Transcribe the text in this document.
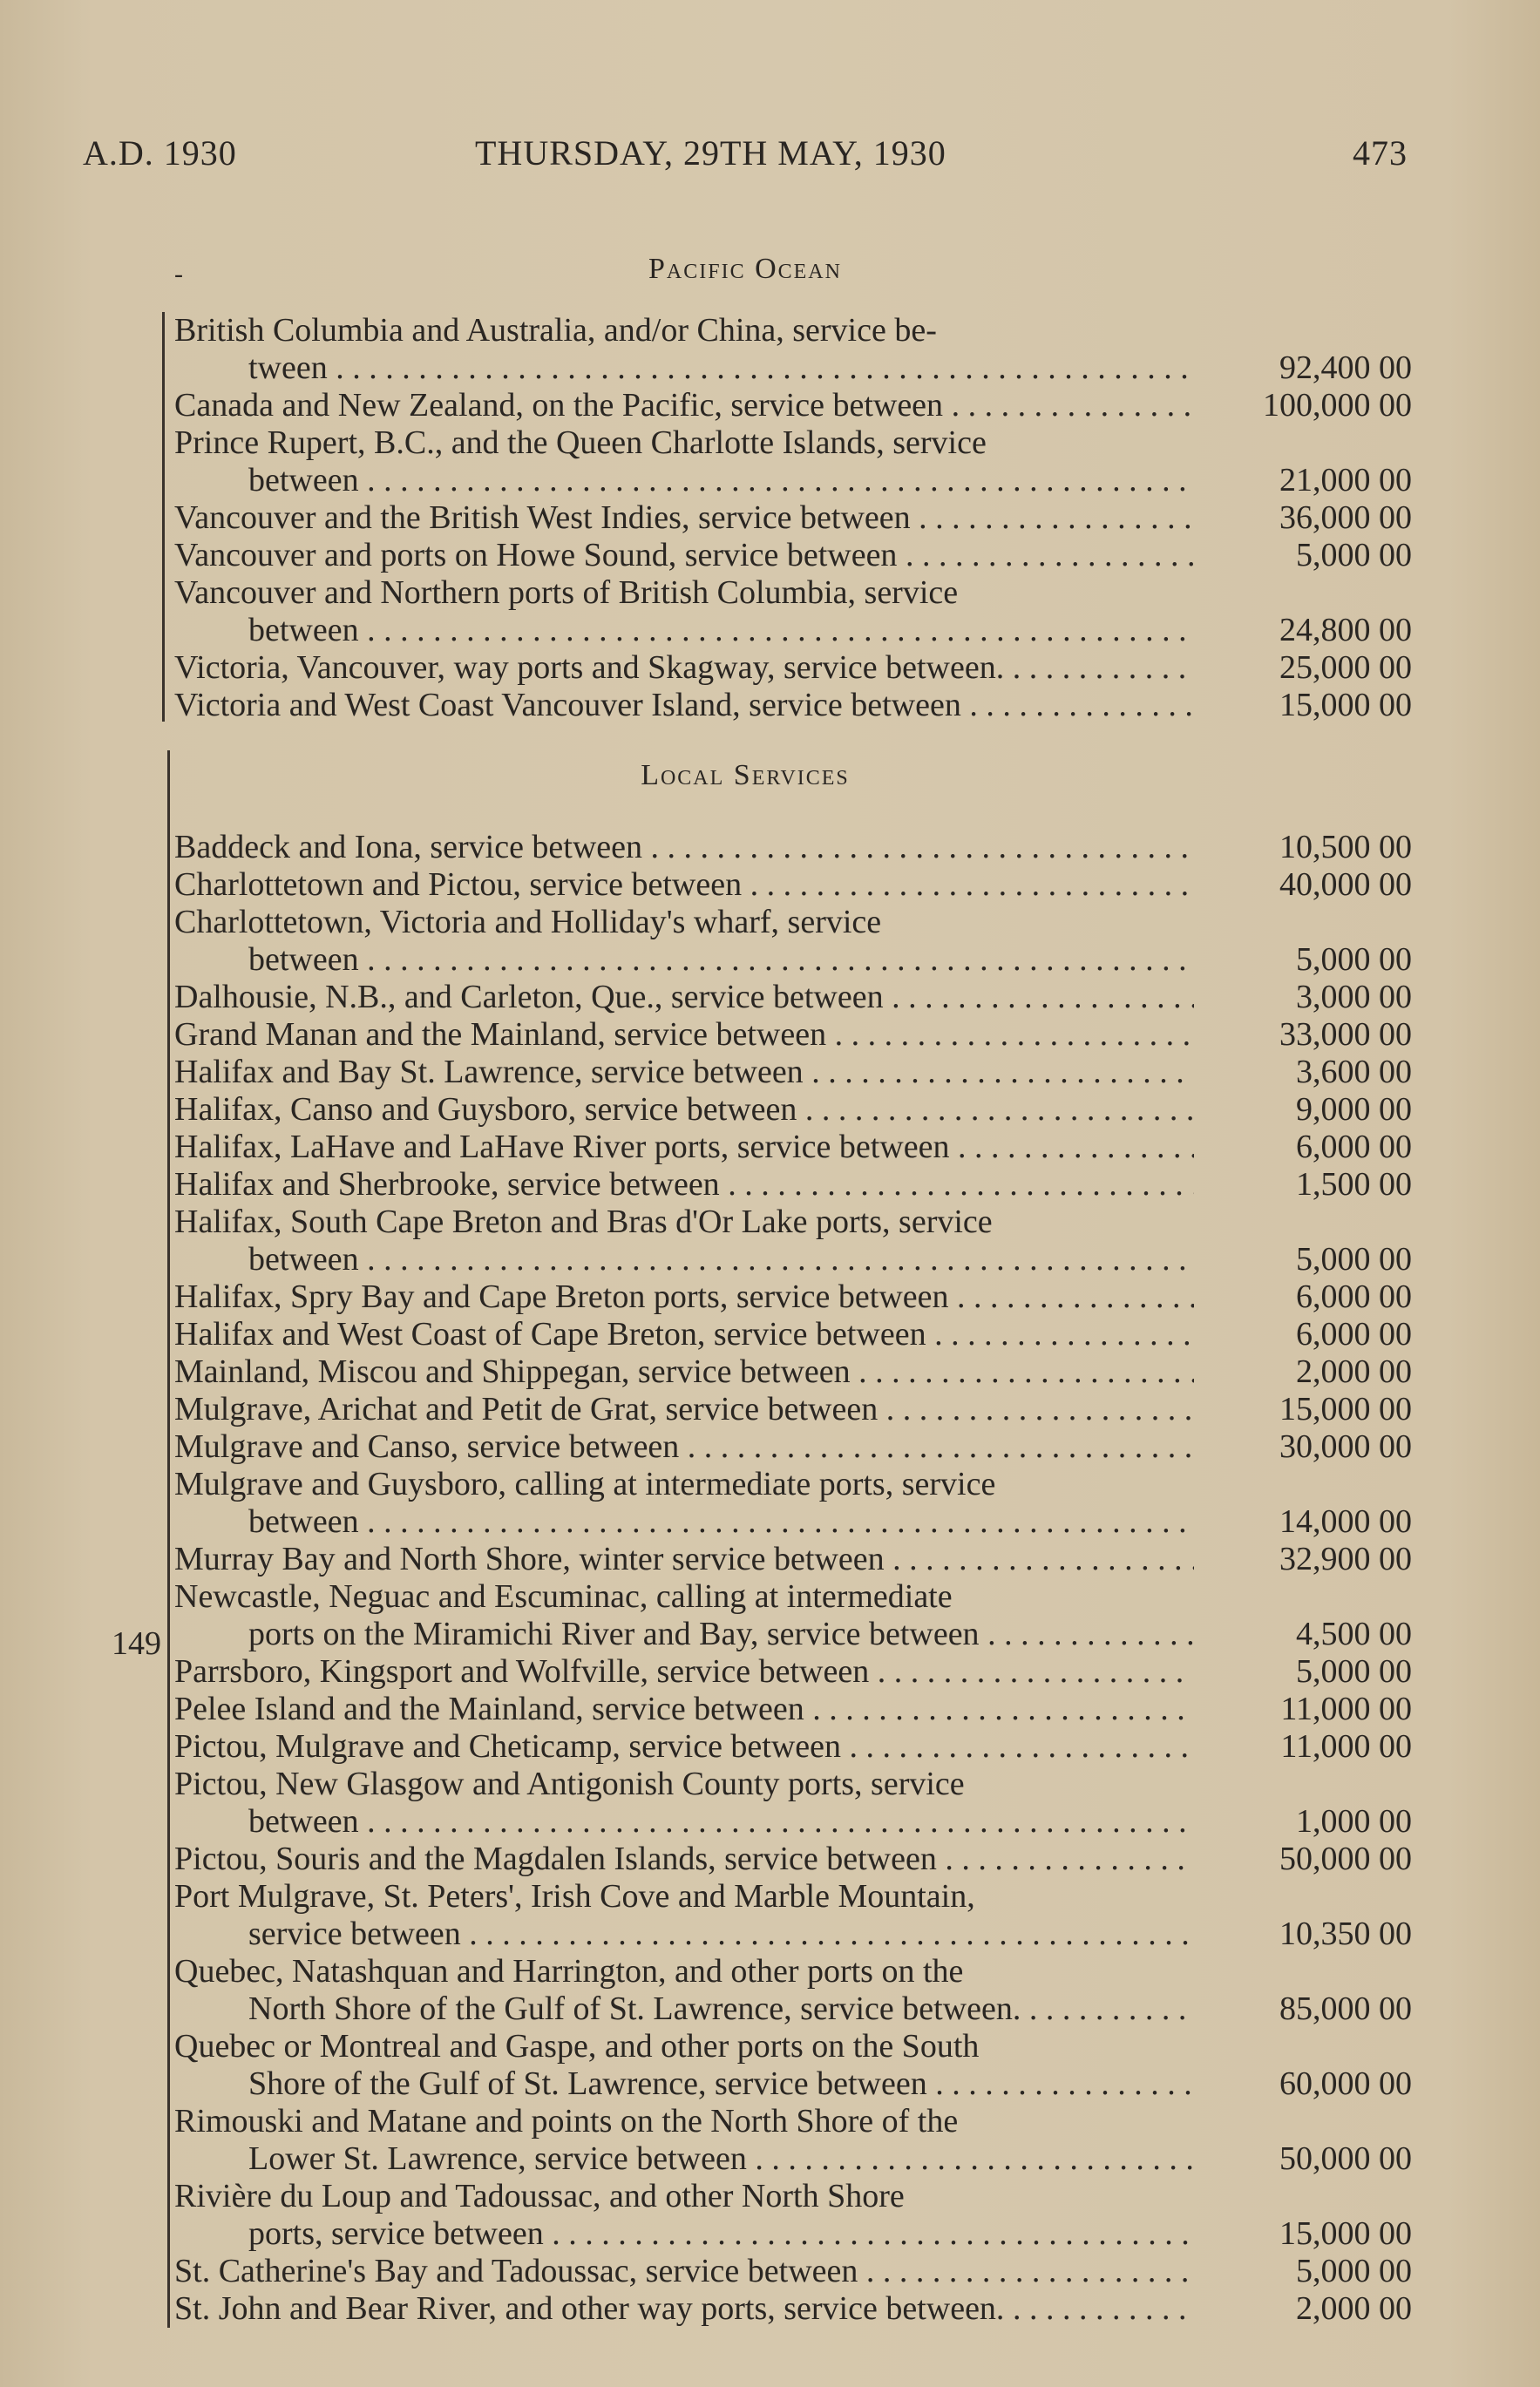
A.D. 1930	THURSDAY, 29TH MAY, 1930	473
-	Pacific Ocean
British Columbia and Australia, and/or China, service be-
tween . . .	92,400 00
Canada and New Zealand, on the Pacific, service between . . .	100,000 00
Prince Rupert, B.C., and the Queen Charlotte Islands, service
between . . .	21,000 00
Vancouver and the British West Indies, service between . . .	36,000 00
Vancouver and ports on Howe Sound, service between . . .	5,000 00
Vancouver and Northern ports of British Columbia, service
between . . .	24,800 00
Victoria, Vancouver, way ports and Skagway, service between. . . .	25,000 00
Victoria and West Coast Vancouver Island, service between . . .	15,000 00
Local Services
Baddeck and Iona, service between . . .	10,500 00
Charlottetown and Pictou, service between . . .	40,000 00
Charlottetown, Victoria and Holliday's wharf, service
between . . .	5,000 00
Dalhousie, N.B., and Carleton, Que., service between . . .	3,000 00
Grand Manan and the Mainland, service between . . .	33,000 00
Halifax and Bay St. Lawrence, service between . . .	3,600 00
Halifax, Canso and Guysboro, service between . . .	9,000 00
Halifax, LaHave and LaHave River ports, service between . . .	6,000 00
Halifax and Sherbrooke, service between . . .	1,500 00
Halifax, South Cape Breton and Bras d'Or Lake ports, service
between . . .	5,000 00
Halifax, Spry Bay and Cape Breton ports, service between . . .	6,000 00
Halifax and West Coast of Cape Breton, service between . . .	6,000 00
Mainland, Miscou and Shippegan, service between . . .	2,000 00
Mulgrave, Arichat and Petit de Grat, service between . . .	15,000 00
Mulgrave and Canso, service between . . .	30,000 00
Mulgrave and Guysboro, calling at intermediate ports, service
between . . .	14,000 00
Murray Bay and North Shore, winter service between . . .	32,900 00
Newcastle, Neguac and Escuminac, calling at intermediate
ports on the Miramichi River and Bay, service between . . .	4,500 00
Parrsboro, Kingsport and Wolfville, service between . . .	5,000 00
Pelee Island and the Mainland, service between . . .	11,000 00
Pictou, Mulgrave and Cheticamp, service between . . .	11,000 00
Pictou, New Glasgow and Antigonish County ports, service
between . . .	1,000 00
Pictou, Souris and the Magdalen Islands, service between . . .	50,000 00
Port Mulgrave, St. Peters', Irish Cove and Marble Mountain,
service between . . .	10,350 00
Quebec, Natashquan and Harrington, and other ports on the
North Shore of the Gulf of St. Lawrence, service between. . . .	85,000 00
Quebec or Montreal and Gaspe, and other ports on the South
Shore of the Gulf of St. Lawrence, service between . . .	60,000 00
Rimouski and Matane and points on the North Shore of the
Lower St. Lawrence, service between . . .	50,000 00
Rivière du Loup and Tadoussac, and other North Shore
ports, service between . . .	15,000 00
St. Catherine's Bay and Tadoussac, service between . . .	5,000 00
St. John and Bear River, and other way ports, service between. . . .	2,000 00
149
